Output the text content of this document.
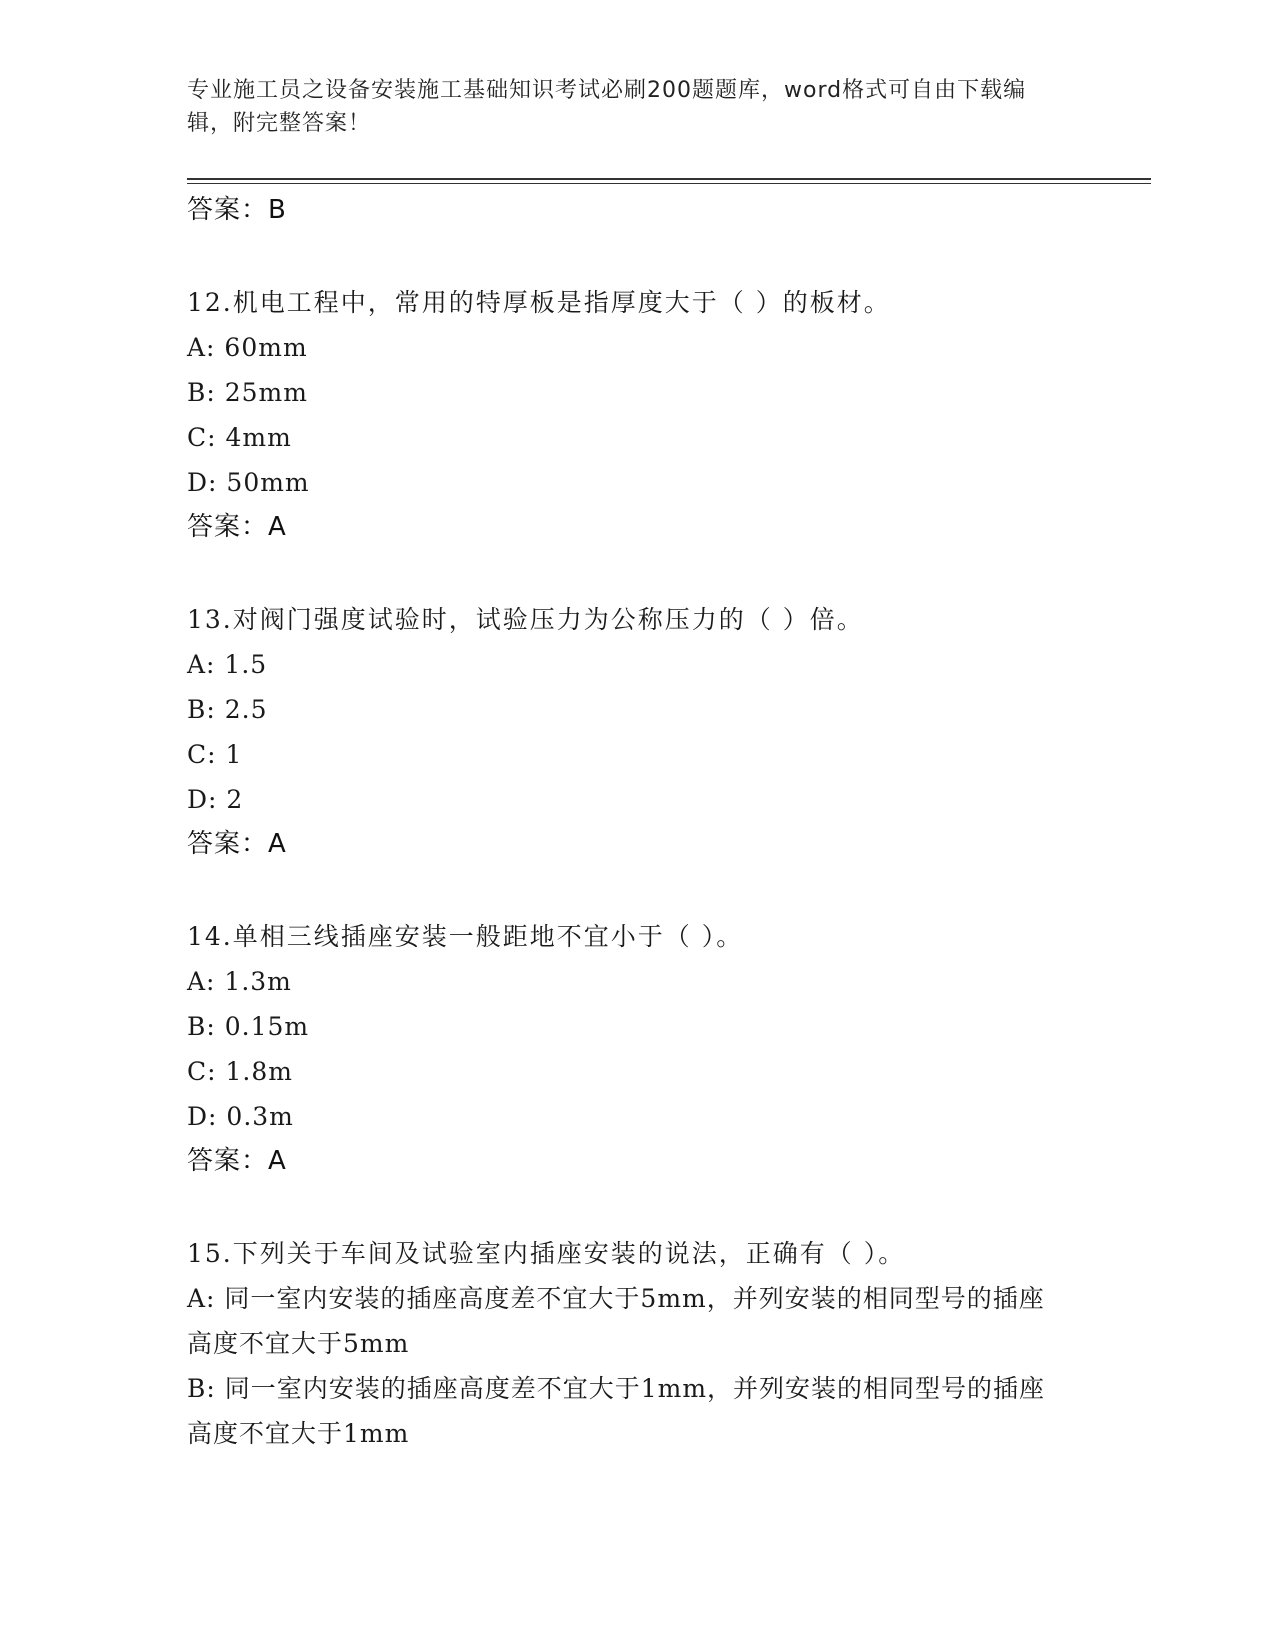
专业施工员之设备安装施工基础知识考试必刷200题题库，word格式可自由下载编辑，附完整答案！

答案：B

12.机电工程中，常用的特厚板是指厚度大于（ ）的板材。

A: 60mm

B: 25mm

C: 4mm

D: 50mm

答案：A

13.对阀门强度试验时，试验压力为公称压力的（ ）倍。

A: 1.5

B: 2.5

C: 1

D: 2

答案：A

14.单相三线插座安装一般距地不宜小于（ ）。

A: 1.3m

B: 0.15m

C: 1.8m

D: 0.3m

答案：A

15.下列关于车间及试验室内插座安装的说法，正确有（ ）。

A: 同一室内安装的插座高度差不宜大于5mm，并列安装的相同型号的插座高度不宜大于5mm

B: 同一室内安装的插座高度差不宜大于1mm，并列安装的相同型号的插座高度不宜大于1mm
